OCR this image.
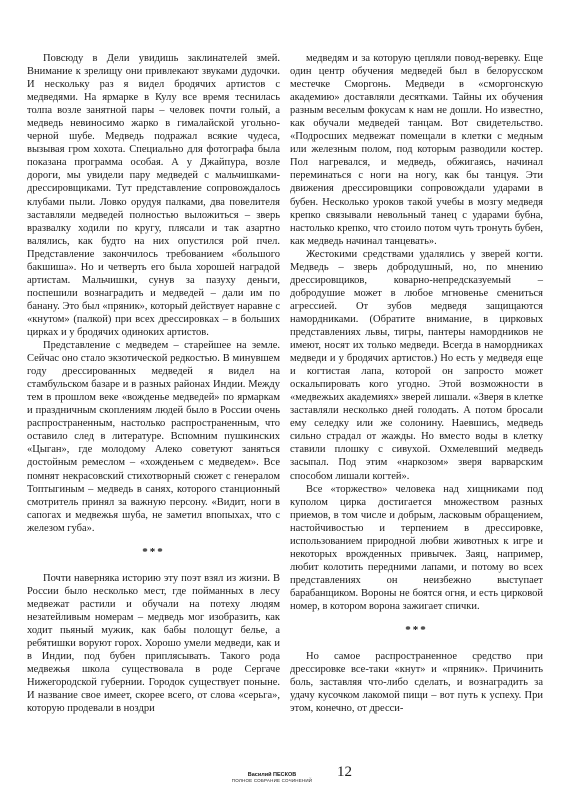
Повсюду в Дели увидишь заклинателей змей. Внимание к зрелищу они привлекают звуками дудочки. И нескольку раз я видел бродячих артистов с медведями. На ярмарке в Кулу все время теснилась толпа возле занятной пары – человек почти голый, а медведь невиносимо жарко в гималайской угольно-черной шубе. Медведь подражал всякие чудеса, вызывая гром хохота. Специально для фотографа была показана программа особая. А у Джайпура, возле дороги, мы увидели пару медведей с мальчишками-дрессировщиками. Тут представление сопровождалось клубами пыли. Ловко орудуя палками, два повелителя заставляли медведей полностью выложиться – зверь вразвалку ходили по кругу, плясали и так азартно валялись, как будто на них опустился рой пчел. Представление закончилось требованием «большого бакшиша». Но и четверть его была хорошей наградой артистам. Мальчишки, сунув за пазуху деньги, поспешили вознаградить и медведей – дали им по банану. Это был «пряник», который действует наравне с «кнутом» (палкой) при всех дрессировках – в больших цирках и у бродячих одиноких артистов.

Представление с медведем – старейшее на земле. Сейчас оно стало экзотической редкостью. В минувшем году дрессированных медведей я видел на стамбульском базаре и в разных районах Индии. Между тем в прошлом веке «вожденье медведей» по ярмаркам и праздничным скоплениям людей было в России очень распространенным, настолько распространенным, что оставило след в литературе. Вспомним пушкинских «Цыган», где молодому Алеко советуют заняться достойным ремеслом – «хожденьем с медведем». Все помнят некрасовский стихотворный сюжет с генералом Топтыгиным – медведь в санях, которого станционный смотритель принял за важную персону. «Видит, ноги в сапогах и медвежья шуба, не заметил впопыхах, что с железом губа».

***

Почти наверняка историю эту поэт взял из жизни. В России было несколько мест, где пойманных в лесу медвежат растили и обучали на потеху людям незатейливым номерам – медведь мог изобразить, как ходит пьяный мужик, как бабы полощут белье, а ребятишки воруют горох. Хорошо умели медведи, как и в Индии, под бубен приплясывать. Такого рода медвежья школа существовала в роде Сергаче Нижегородской губернии. Городок существует поныне. И название свое имеет, скорее всего, от слова «серьга», которую продевали в ноздри

медведям и за которую цепляли повод-веревку. Еще один центр обучения медведей был в белорусском местечке Сморгонь. Медведи в «сморгонскую академию» доставляли десятками. Тайны их обучения разным веселым фокусам к нам не дошли. Но известно, как обучали медведей танцам. Вот свидетельство. «Подросших медвежат помещали в клетки с медным или железным полом, под которым разводили костер. Пол нагревался, и медведь, обжигаясь, начинал переминаться с ноги на ногу, как бы танцуя. Эти движения дрессировщики сопровождали ударами в бубен. Несколько уроков такой учебы в мозгу медведя крепко связывали невольный танец с ударами бубна, настолько крепко, что стоило потом чуть тронуть бубен, как медведь начинал танцевать».

Жестокими средствами удалялись у зверей когти. Медведь – зверь добродушный, но, по мнению дрессировщиков, коварно-непредсказуемый – добродушие может в любое мгновенье смениться агрессией. От зубов медведя защищаются намордниками. (Обратите внимание, в цирковых представлениях львы, тигры, пантеры намордников не имеют, носят их только медведи. Всегда в намордниках медведи и у бродячих артистов.) Но есть у медведя еще и когтистая лапа, которой он запросто может оскальпировать кого угодно. Этой возможности в «медвежьих академиях» зверей лишали. «Зверя в клетке заставляли несколько дней голодать. А потом бросали ему селедку или же солонину. Наевшись, медведь сильно страдал от жажды. Но вместо воды в клетку ставили плошку с сивухой. Охмелевший медведь засыпал. Под этим «наркозом» зверя варварским способом лишали когтей».

Все «торжество» человека над хищниками под куполом цирка достигается множеством разных приемов, в том числе и добрым, ласковым обращением, настойчивостью и терпением в дрессировке, использованием природной любви животных к игре и некоторых врожденных привычек. Заяц, например, любит колотить передними лапами, и потому во всех представлениях он неизбежно выступает барабанщиком. Вороны не боятся огня, и есть цирковой номер, в котором ворона зажигает спички.

***

Но самое распространенное средство при дрессировке все-таки «кнут» и «пряник». Причинить боль, заставляя что-либо сделать, и вознаградить за удачу кусочком лакомой пищи – вот путь к успеху. При этом, конечно, от дресси-

Василий ПЕСКОВ
ПОЛНОЕ СОБРАНИЕ СОЧИНЕНИЙ
12
